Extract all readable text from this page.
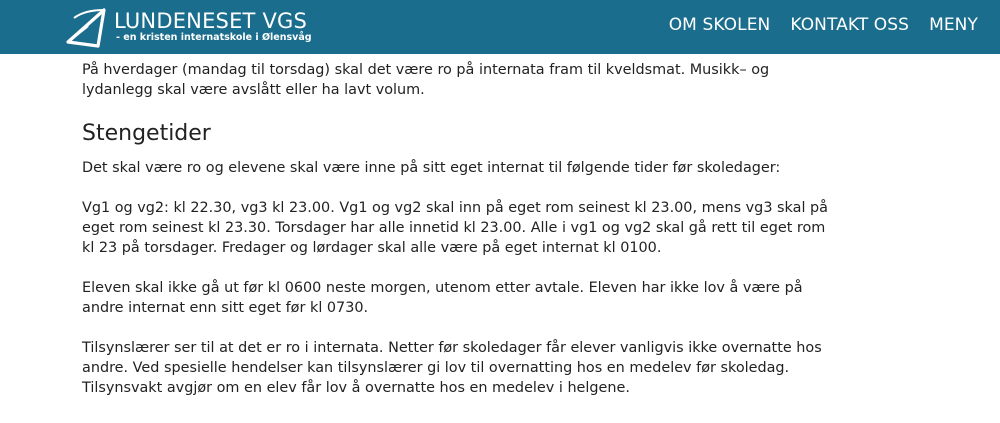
LUNDENESET VGS
- en kristen internatskole i Ølensvåg
OM SKOLEN KONTAKT OSS MENY

På hverdager (mandag til torsdag) skal det være ro på internata fram til kveldsmat. Musikk– og lydanlegg skal være avslått eller ha lavt volum.

Stengetider

Det skal være ro og elevene skal være inne på sitt eget internat til følgende tider før skoledager:

Vg1 og vg2: kl 22.30, vg3 kl 23.00. Vg1 og vg2 skal inn på eget rom seinest kl 23.00, mens vg3 skal på eget rom seinest kl 23.30. Torsdager har alle innetid kl 23.00. Alle i vg1 og vg2 skal gå rett til eget rom kl 23 på torsdager. Fredager og lørdager skal alle være på eget internat kl 0100.

Eleven skal ikke gå ut før kl 0600 neste morgen, utenom etter avtale. Eleven har ikke lov å være på andre internat enn sitt eget før kl 0730.

Tilsynslærer ser til at det er ro i internata. Netter før skoledager får elever vanligvis ikke overnatte hos andre. Ved spesielle hendelser kan tilsynslærer gi lov til overnatting hos en medelev før skoledag. Tilsynsvakt avgjør om en elev får lov å overnatte hos en medelev i helgene.
